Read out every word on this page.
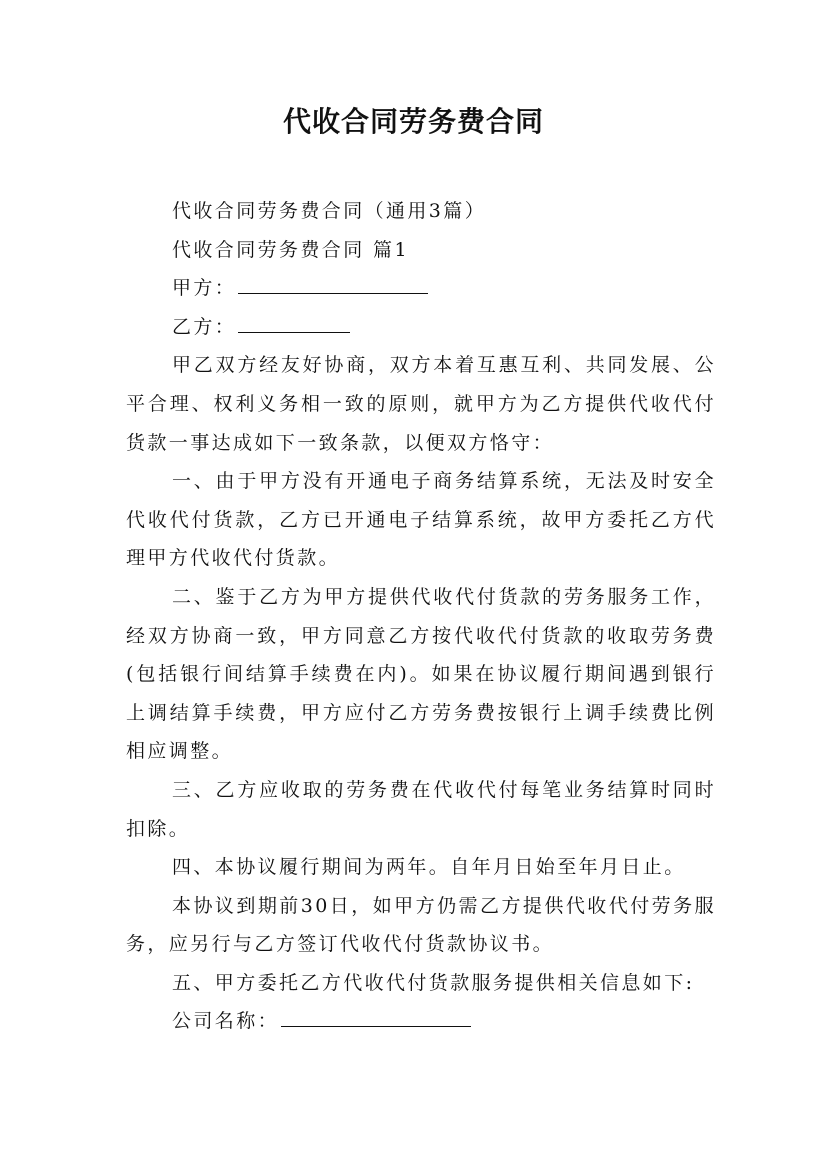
代收合同劳务费合同

代收合同劳务费合同（通用3篇）

代收合同劳务费合同 篇1

甲方：

乙方：

甲乙双方经友好协商，双方本着互惠互利、共同发展、公平合理、权利义务相一致的原则，就甲方为乙方提供代收代付货款一事达成如下一致条款，以便双方恪守：

一、由于甲方没有开通电子商务结算系统，无法及时安全代收代付货款，乙方已开通电子结算系统，故甲方委托乙方代理甲方代收代付货款。

二、鉴于乙方为甲方提供代收代付货款的劳务服务工作，经双方协商一致，甲方同意乙方按代收代付货款的收取劳务费(包括银行间结算手续费在内)。如果在协议履行期间遇到银行上调结算手续费，甲方应付乙方劳务费按银行上调手续费比例相应调整。

三、乙方应收取的劳务费在代收代付每笔业务结算时同时扣除。

四、本协议履行期间为两年。自年月日始至年月日止。

本协议到期前30日，如甲方仍需乙方提供代收代付劳务服务，应另行与乙方签订代收代付货款协议书。

五、甲方委托乙方代收代付货款服务提供相关信息如下:

公司名称：
